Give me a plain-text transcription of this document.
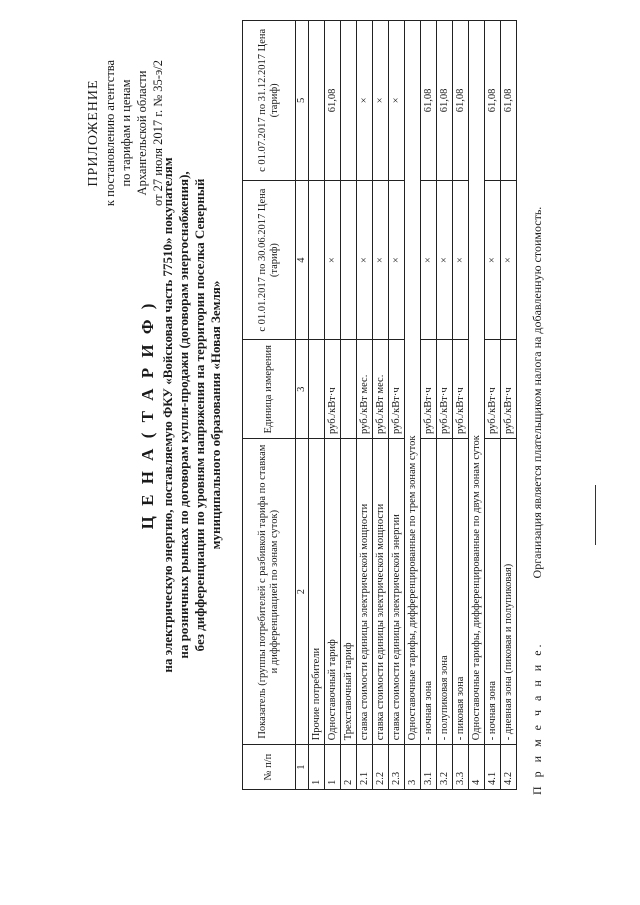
ПРИЛОЖЕНИЕ к постановлению агентства по тарифам и ценам Архангельской области от 27 июля 2017 г. № 35-э/2
Ц Е Н А ( Т А Р И Ф ) на электрическую энергию, поставляемую ФКУ «Войсковая часть 77510» покупателям на розничных рынках по договорам купли-продажи (договорам энергоснабжения), без дифференциации по уровням напряжения на территории поселка Северный муниципального образования «Новая Земля»
№ п/п	Показатель (группы потребителей с разбивкой тарифа по ставкам и дифференциацией по зонам суток)	Единица измерения	с 01.01.2017 по 30.06.2017 Цена (тариф)	с 01.07.2017 по 31.12.2017 Цена (тариф)
1	2	3	4	5
1	Прочие потребители			
1	Одноставочный тариф	руб./кВт·ч	×	61,08
2	Трехставочный тариф			
2.1	ставка стоимости единицы электрической мощности	руб./кВт мес.	×	×
2.2	ставка стоимости единицы электрической мощности	руб./кВт мес.	×	×
2.3	ставка стоимости единицы электрической энергии	руб./кВт·ч	×	×
3	Одноставочные тарифы, дифференцированные по трем зонам суток			
3.1	- ночная зона	руб./кВт·ч	×	61,08
3.2	- полупиковая зона	руб./кВт·ч	×	61,08
3.3	- пиковая зона	руб./кВт·ч	×	61,08
4	Одноставочные тарифы, дифференцированные по двум зонам суток			
4.1	- ночная зона	руб./кВт·ч	×	61,08
4.2	- дневная зона (пиковая и полупиковая)	руб./кВт·ч	×	61,08
П р и м е ч а н и е. Организация является плательщиком налога на добавленную стоимость.
